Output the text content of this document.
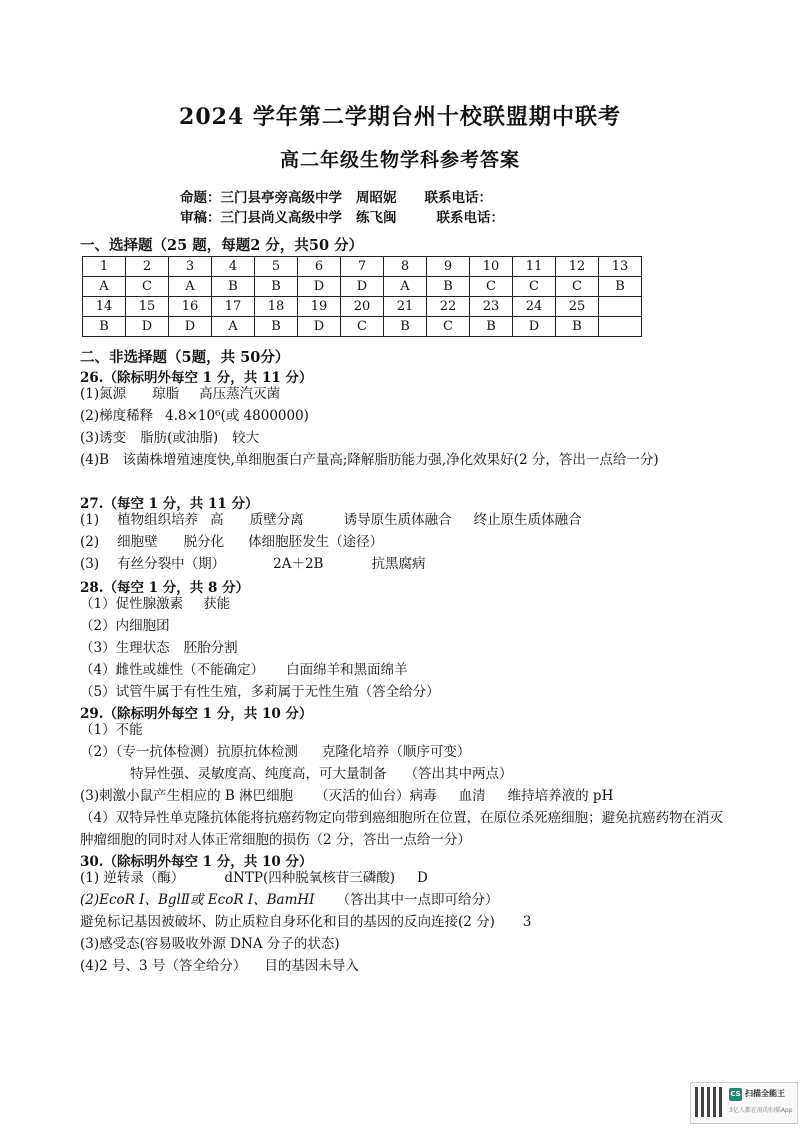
2024 学年第二学期台州十校联盟期中联考
高二年级生物学科参考答案
命题：三门县亭旁高级中学 周昭妮 联系电话：
审稿：三门县尚义高级中学 练飞闽	联系电话：
一、选择题（25 题，每题2 分，共50 分）
1	2	3	4	5	6	7	8	9	10	11	12	13
A	C	A	B	B	D	D	A	B	C	C	C	B
14	15	16	17	18	19	20	21	22	23	24	25	
B	D	D	A	B	D	C	B	C	B	D	B	
二、非选择题（5题，共 50分）
26.（除标明外每空 1 分，共 11 分）
(1)氮源 琼脂 高压蒸汽灭菌
(2)梯度稀释 4.8×10⁶(或 4800000)
(3)诱变 脂肪(或油脂) 较大
(4)B　该菌株增殖速度快,单细胞蛋白产量高;降解脂肪能力强,净化效果好(2 分，答出一点给一分)
27.（每空 1 分，共 11 分）
(1) 植物组织培养 高 质壁分离	诱导原生质体融合 终止原生质体融合
(2) 细胞壁 脱分化 体细胞胚发生（途径）
(3) 有丝分裂中（期）	2A＋2B	抗黑腐病
28.（每空 1 分，共 8 分）
（1）促性腺激素 获能
（2）内细胞团
（3）生理状态 胚胎分割
（4）雌性或雄性（不能确定） 白面绵羊和黑面绵羊
（5）试管牛属于有性生殖，多莉属于无性生殖（答全给分）
29.（除标明外每空 1 分，共 10 分）
（1）不能
（2）（专一抗体检测）抗原抗体检测 克隆化培养（顺序可变）
特异性强、灵敏度高、纯度高，可大量制备 （答出其中两点）
(3)刺激小鼠产生相应的 B 淋巴细胞 （灭活的仙台）病毒 血清 维持培养液的 pH
（4）双特异性单克隆抗体能将抗癌药物定向带到癌细胞所在位置，在原位杀死癌细胞；避免抗癌药物在消灭肿瘤细胞的同时对人体正常细胞的损伤（2 分，答出一点给一分）
30.（除标明外每空 1 分，共 10 分）
(1) 逆转录（酶）	dNTP(四种脱氧核苷三磷酸) D
(2)EcoR Ⅰ、BglⅡ或 EcoR Ⅰ、BamHⅠ （答出其中一点即可给分）
避免标记基因被破坏、防止质粒自身环化和目的基因的反向连接(2 分) 3
(3)感受态(容易吸收外源 DNA 分子的状态)
(4)2 号、3 号（答全给分） 目的基因未导入
CS 扫描全能王
3亿人都在用的扫描App
